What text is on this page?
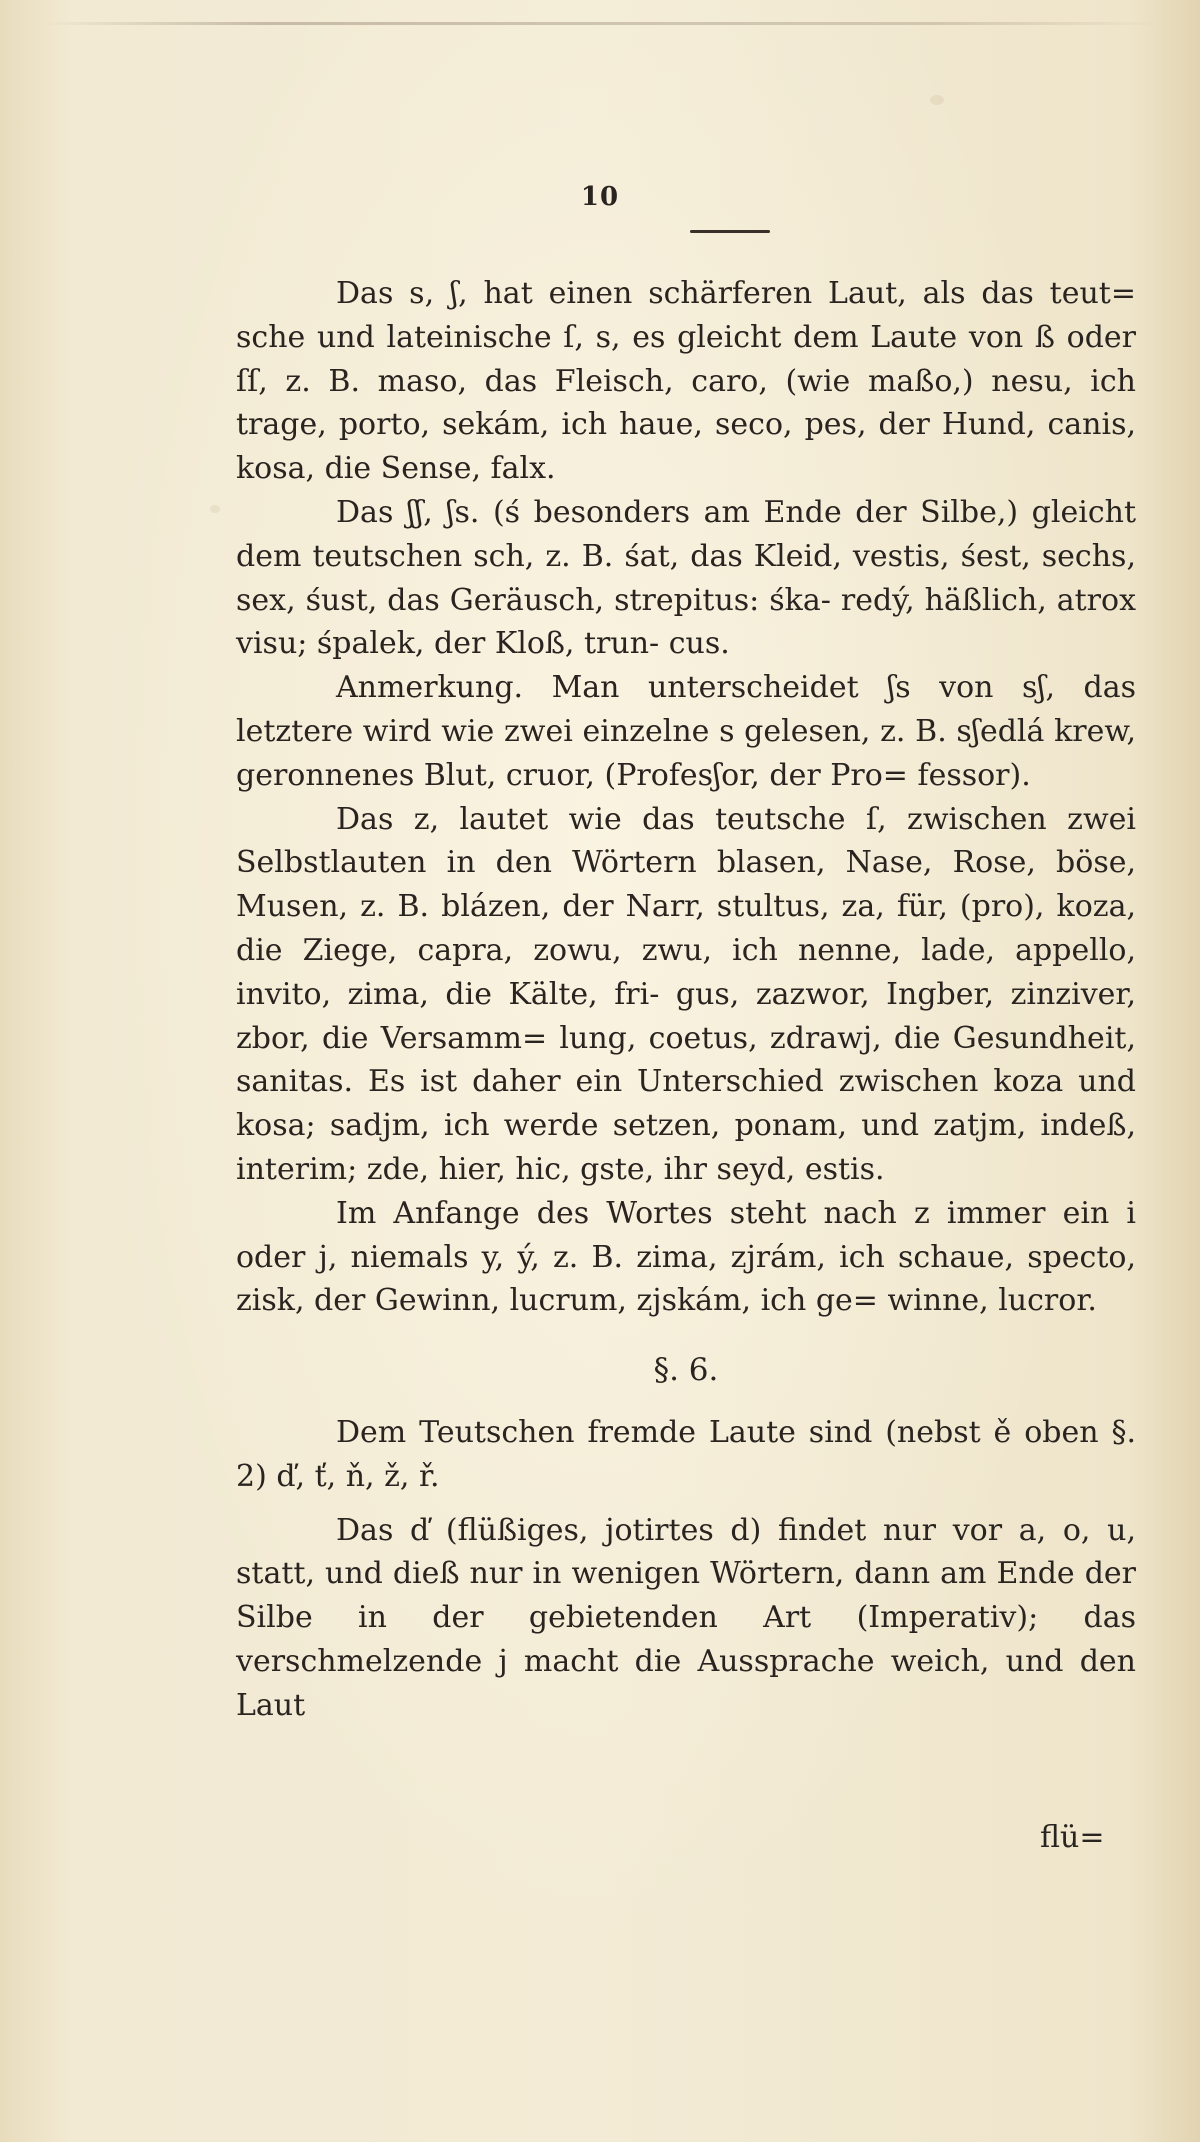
10

Das s, ʃ, hat einen schärferen Laut, als das teut= sche und lateinische ſ, s, es gleicht dem Laute von ß oder ſſ, z. B. maso, das Fleisch, caro, (wie maßo,) nesu, ich trage, porto, sekám, ich haue, seco, pes, der Hund, canis, kosa, die Sense, falx.

Das ʃʃ, ʃs. (ś besonders am Ende der Silbe,) gleicht dem teutschen sch, z. B. śat, das Kleid, vestis, śest, sechs, sex, śust, das Geräusch, strepitus: śka- redý, häßlich, atrox visu; śpalek, der Kloß, trun- cus.

Anmerkung. Man unterscheidet ʃs von sʃ, das letztere wird wie zwei einzelne s gelesen, z. B. sʃedlá krew, geronnenes Blut, cruor, (Profesʃor, der Pro= fessor).

Das z, lautet wie das teutsche ſ, zwischen zwei Selbstlauten in den Wörtern blasen, Nase, Rose, böse, Musen, z. B. blázen, der Narr, stultus, za, für, (pro), koza, die Ziege, capra, zowu, zwu, ich nenne, lade, appello, invito, zima, die Kälte, fri- gus, zazwor, Ingber, zinziver, zbor, die Versamm= lung, coetus, zdrawj, die Gesundheit, sanitas. Es ist daher ein Unterschied zwischen koza und kosa; sadjm, ich werde setzen, ponam, und zatjm, indeß, interim; zde, hier, hic, gste, ihr seyd, estis.

Im Anfange des Wortes steht nach z immer ein i oder j, niemals y, ý, z. B. zima, zjrám, ich schaue, specto, zisk, der Gewinn, lucrum, zjskám, ich ge= winne, lucror.

§. 6.

Dem Teutschen fremde Laute sind (nebst ě oben §. 2) ď, ť, ň, ž, ř.

Das ď (flüßiges, jotirtes d) findet nur vor a, o, u, statt, und dieß nur in wenigen Wörtern, dann am Ende der Silbe in der gebietenden Art (Imperativ); das verschmelzende j macht die Aussprache weich, und den Laut

flü=
